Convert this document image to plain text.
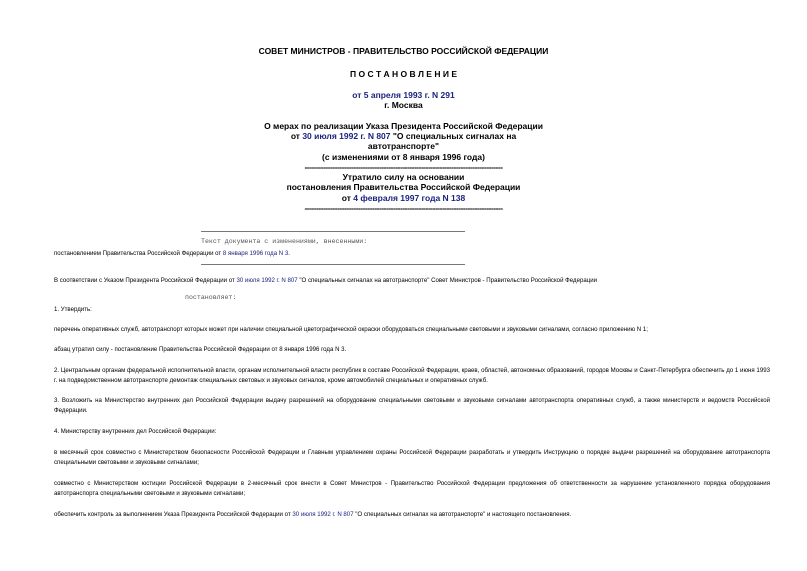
СОВЕТ МИНИСТРОВ - ПРАВИТЕЛЬСТВО РОССИЙСКОЙ ФЕДЕРАЦИИ
П О С Т А Н О В Л Е Н И Е
от 5 апреля 1993 г. N 291
г. Москва
О мерах по реализации Указа Президента Российской Федерации
от 30 июля 1992 г. N 807 "О специальных сигналах на
автотранспорте"
(с изменениями от 8 января 1996 года)
-------------------------------------------------------------------------------------
Утратило силу на основании
постановления Правительства Российской Федерации
от 4 февраля 1997 года N 138
-------------------------------------------------------------------------------------
Текст документа с изменениями, внесенными:
постановлением Правительства Российской Федерации от 8 января 1996 года N 3.
В соответствии с Указом Президента Российской Федерации от 30 июля 1992 г. N 807 "О специальных сигналах на автотранспорте" Совет Министров - Правительство Российской Федерации
постановляет:
1. Утвердить:
перечень оперативных служб, автотранспорт которых может при наличии специальной цветографической окраски оборудоваться специальными световыми и звуковыми сигналами, согласно приложению N 1;
абзац утратил силу - постановление Правительства Российской Федерации от 8 января 1996 года N 3.
2. Центральным органам федеральной исполнительной власти, органам исполнительной власти республик в составе Российской Федерации, краев, областей, автономных образований, городов Москвы и Санкт-Петербурга обеспечить до 1 июня 1993 г. на подведомственном автотранспорте демонтаж специальных световых и звуковых сигналов, кроме автомобилей специальных и оперативных служб.
3. Возложить на Министерство внутренних дел Российской Федерации выдачу разрешений на оборудование специальными световыми и звуковыми сигналами автотранспорта оперативных служб, а также министерств и ведомств Российской Федерации.
4. Министерству внутренних дел Российской Федерации:
в месячный срок совместно с Министерством безопасности Российской Федерации и Главным управлением охраны Российской Федерации разработать и утвердить Инструкцию о порядке выдачи разрешений на оборудование автотранспорта специальными световыми и звуковыми сигналами;
совместно с Министерством юстиции Российской Федерации в 2-месячный срок внести в Совет Министров - Правительство Российской Федерации предложения об ответственности за нарушение установленного порядка оборудования автотранспорта специальными световыми и звуковыми сигналами;
обеспечить контроль за выполнением Указа Президента Российской Федерации от 30 июля 1992 г. N 807 "О специальных сигналах на автотранспорте" и настоящего постановления.
